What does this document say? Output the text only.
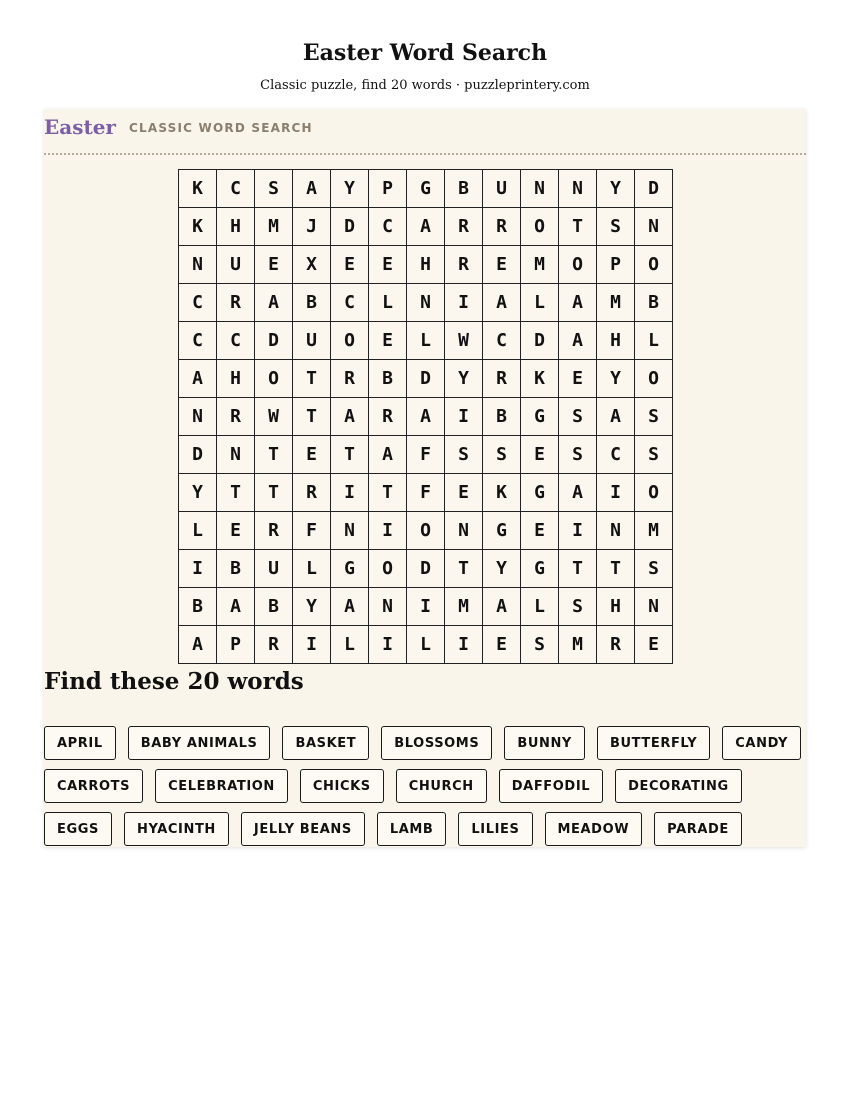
Easter Word Search

Classic puzzle, find 20 words · puzzleprintery.com

Easter CLASSIC WORD SEARCH
K	C	S	A	Y	P	G	B	U	N	N	Y	D
K	H	M	J	D	C	A	R	R	O	T	S	N
N	U	E	X	E	E	H	R	E	M	O	P	O
C	R	A	B	C	L	N	I	A	L	A	M	B
C	C	D	U	O	E	L	W	C	D	A	H	L
A	H	O	T	R	B	D	Y	R	K	E	Y	O
N	R	W	T	A	R	A	I	B	G	S	A	S
D	N	T	E	T	A	F	S	S	E	S	C	S
Y	T	T	R	I	T	F	E	K	G	A	I	O
L	E	R	F	N	I	O	N	G	E	I	N	M
I	B	U	L	G	O	D	T	Y	G	T	T	S
B	A	B	Y	A	N	I	M	A	L	S	H	N
A	P	R	I	L	I	L	I	E	S	M	R	E
Find these 20 words
APRIL	BABY ANIMALS	BASKET	BLOSSOMS	BUNNY	BUTTERFLY	CANDY
CARROTS	CELEBRATION	CHICKS	CHURCH	DAFFODIL	DECORATING
EGGS	HYACINTH	JELLY BEANS	LAMB	LILIES	MEADOW	PARADE
